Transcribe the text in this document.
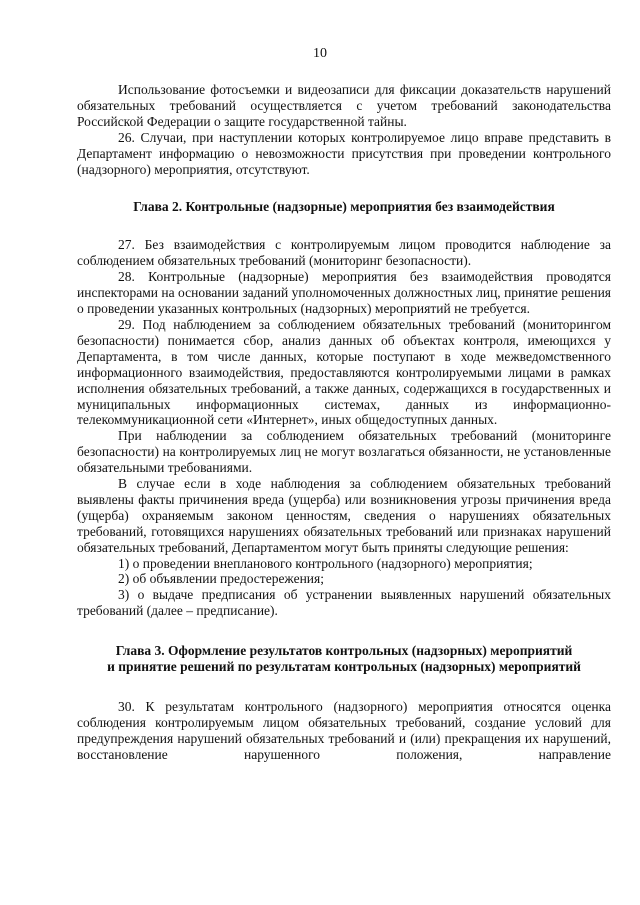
10

Использование фотосъемки и видеозаписи для фиксации доказательств нарушений обязательных требований осуществляется с учетом требований законодательства Российской Федерации о защите государственной тайны.

26. Случаи, при наступлении которых контролируемое лицо вправе представить в Департамент информацию о невозможности присутствия при проведении контрольного (надзорного) мероприятия, отсутствуют.

Глава 2. Контрольные (надзорные) мероприятия без взаимодействия

27. Без взаимодействия с контролируемым лицом проводится наблюдение за соблюдением обязательных требований (мониторинг безопасности).

28. Контрольные (надзорные) мероприятия без взаимодействия проводятся инспекторами на основании заданий уполномоченных должностных лиц, принятие решения о проведении указанных контрольных (надзорных) мероприятий не требуется.

29. Под наблюдением за соблюдением обязательных требований (мониторингом безопасности) понимается сбор, анализ данных об объектах контроля, имеющихся у Департамента, в том числе данных, которые поступают в ходе межведомственного информационного взаимодействия, предоставляются контролируемыми лицами в рамках исполнения обязательных требований, а также данных, содержащихся в государственных и муниципальных информационных системах, данных из информационно-телекоммуникационной сети «Интернет», иных общедоступных данных.

При наблюдении за соблюдением обязательных требований (мониторинге безопасности) на контролируемых лиц не могут возлагаться обязанности, не установленные обязательными требованиями.

В случае если в ходе наблюдения за соблюдением обязательных требований выявлены факты причинения вреда (ущерба) или возникновения угрозы причинения вреда (ущерба) охраняемым законом ценностям, сведения о нарушениях обязательных требований, готовящихся нарушениях обязательных требований или признаках нарушений обязательных требований, Департаментом могут быть приняты следующие решения:

1) о проведении внепланового контрольного (надзорного) мероприятия;

2) об объявлении предостережения;

3) о выдаче предписания об устранении выявленных нарушений обязательных требований (далее – предписание).

Глава 3. Оформление результатов контрольных (надзорных) мероприятий
и принятие решений по результатам контрольных (надзорных) мероприятий

30. К результатам контрольного (надзорного) мероприятия относятся оценка соблюдения контролируемым лицом обязательных требований, создание условий для предупреждения нарушений обязательных требований и (или) прекращения их нарушений, восстановление нарушенного положения, направление
